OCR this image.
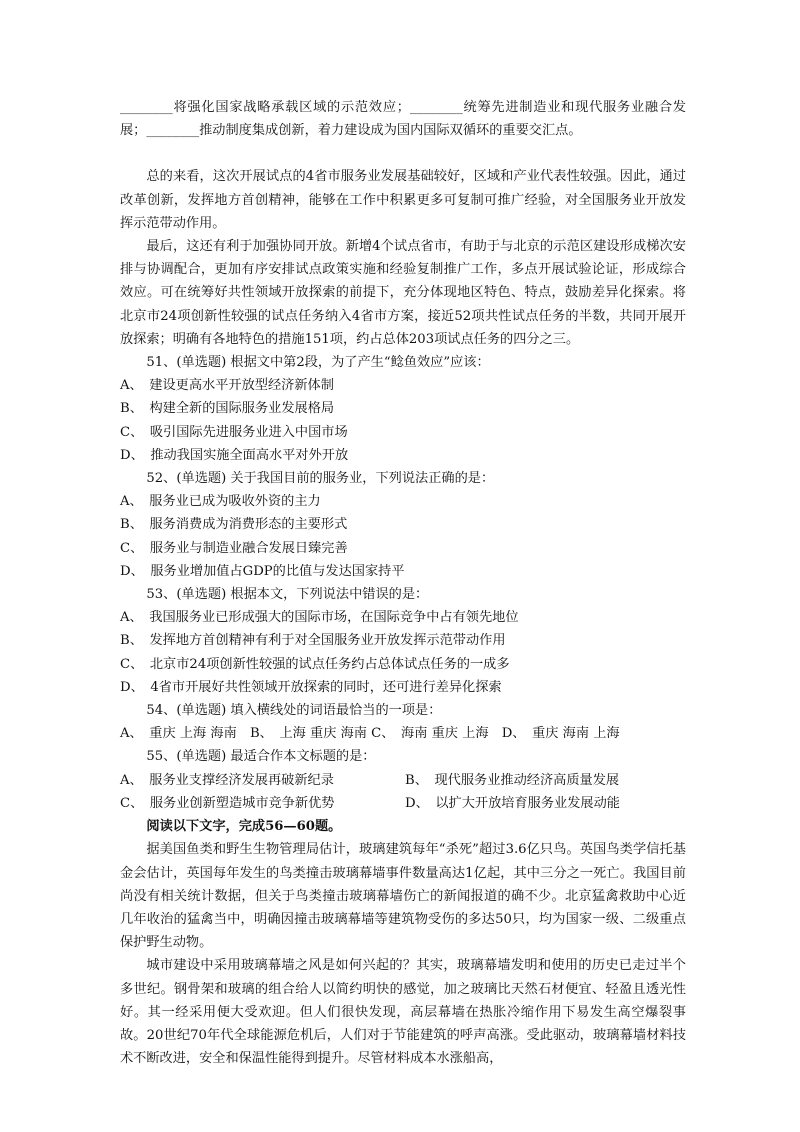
________将强化国家战略承载区域的示范效应；________统筹先进制造业和现代服务业融合发展；________推动制度集成创新，着力建设成为国内国际双循环的重要交汇点。

总的来看，这次开展试点的4省市服务业发展基础较好，区域和产业代表性较强。因此，通过改革创新，发挥地方首创精神，能够在工作中积累更多可复制可推广经验，对全国服务业开放发挥示范带动作用。

最后，这还有利于加强协同开放。新增4个试点省市，有助于与北京的示范区建设形成梯次安排与协调配合，更加有序安排试点政策实施和经验复制推广工作，多点开展试验论证，形成综合效应。可在统筹好共性领域开放探索的前提下，充分体现地区特色、特点，鼓励差异化探索。将北京市24项创新性较强的试点任务纳入4省市方案，接近52项共性试点任务的半数，共同开展开放探索；明确有各地特色的措施151项，约占总体203项试点任务的四分之三。

51、(单选题) 根据文中第2段，为了产生“鲶鱼效应”应该：

A、　建设更高水平开放型经济新体制

B、　构建全新的国际服务业发展格局

C、　吸引国际先进服务业进入中国市场

D、　推动我国实施全面高水平对外开放

52、(单选题) 关于我国目前的服务业，下列说法正确的是：

A、　服务业已成为吸收外资的主力

B、　服务消费成为消费形态的主要形式

C、　服务业与制造业融合发展日臻完善

D、　服务业增加值占GDP的比值与发达国家持平

53、(单选题) 根据本文，下列说法中错误的是：

A、　我国服务业已形成强大的国际市场，在国际竞争中占有领先地位

B、　发挥地方首创精神有利于对全国服务业开放发挥示范带动作用

C、　北京市24项创新性较强的试点任务约占总体试点任务的一成多

D、　4省市开展好共性领域开放探索的同时，还可进行差异化探索

54、(单选题) 填入横线处的词语最恰当的一项是：

A、　重庆 上海 海南　B、　上海 重庆 海南 C、　海南 重庆 上海　D、　重庆 海南 上海

55、(单选题) 最适合作本文标题的是：

A、　服务业支撑经济发展再破新纪录	B、　现代服务业推动经济高质量发展
C、　服务业创新塑造城市竞争新优势	D、　以扩大开放培育服务业发展动能

阅读以下文字，完成56—60题。

据美国鱼类和野生生物管理局估计，玻璃建筑每年“杀死”超过3.6亿只鸟。英国鸟类学信托基金会估计，英国每年发生的鸟类撞击玻璃幕墙事件数量高达1亿起，其中三分之一死亡。我国目前尚没有相关统计数据，但关于鸟类撞击玻璃幕墙伤亡的新闻报道的确不少。北京猛禽救助中心近几年收治的猛禽当中，明确因撞击玻璃幕墙等建筑物受伤的多达50只，均为国家一级、二级重点保护野生动物。

城市建设中采用玻璃幕墙之风是如何兴起的？其实，玻璃幕墙发明和使用的历史已走过半个多世纪。钢骨架和玻璃的组合给人以简约明快的感觉，加之玻璃比天然石材便宜、轻盈且透光性好。其一经采用便大受欢迎。但人们很快发现，高层幕墙在热胀冷缩作用下易发生高空爆裂事故。20世纪70年代全球能源危机后，人们对于节能建筑的呼声高涨。受此驱动，玻璃幕墙材料技术不断改进，安全和保温性能得到提升。尽管材料成本水涨船高，
